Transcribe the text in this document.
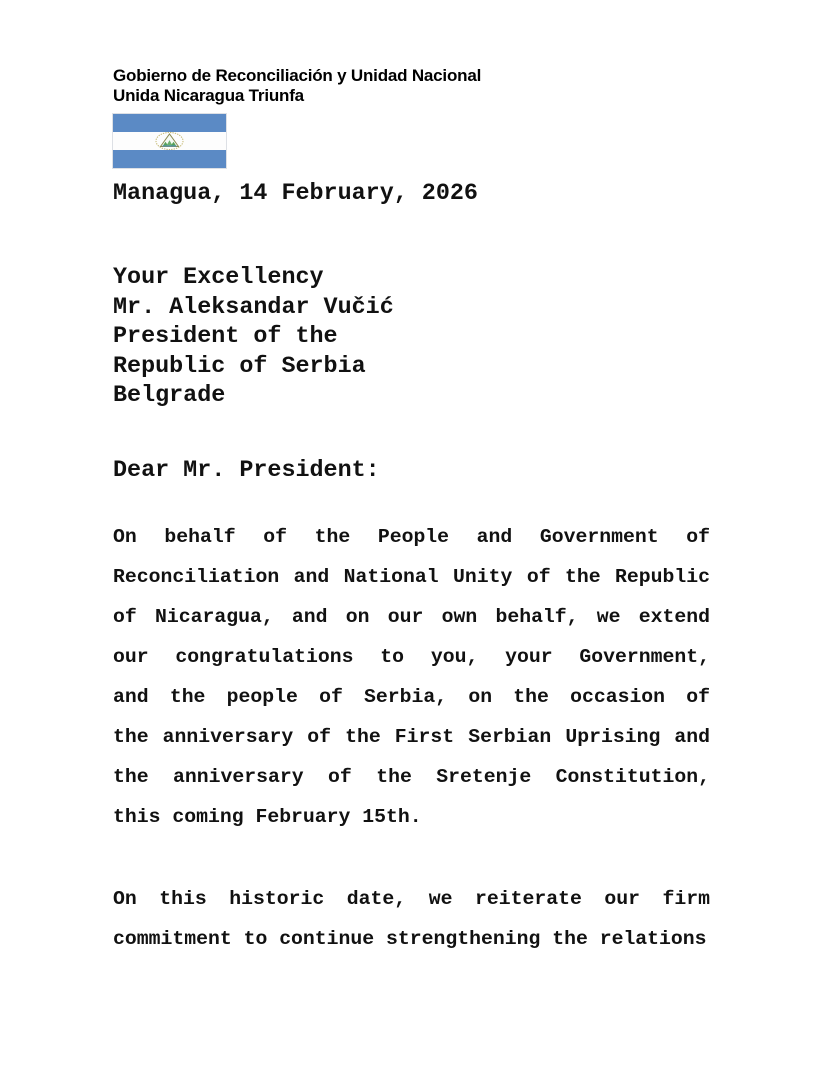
Gobierno de Reconciliación y Unidad Nacional
Unida Nicaragua Triunfa
Managua, 14 February, 2026
Your Excellency
Mr. Aleksandar Vučić
President of the
Republic of Serbia
Belgrade
Dear Mr. President:
On behalf of the People and Government of
Reconciliation and National Unity of the Republic
of Nicaragua, and on our own behalf, we extend
our congratulations to you, your Government,
and the people of Serbia, on the occasion of
the anniversary of the First Serbian Uprising and
the anniversary of the Sretenje Constitution,
this coming February 15th.
On this historic date, we reiterate our firm
commitment to continue strengthening the relations
